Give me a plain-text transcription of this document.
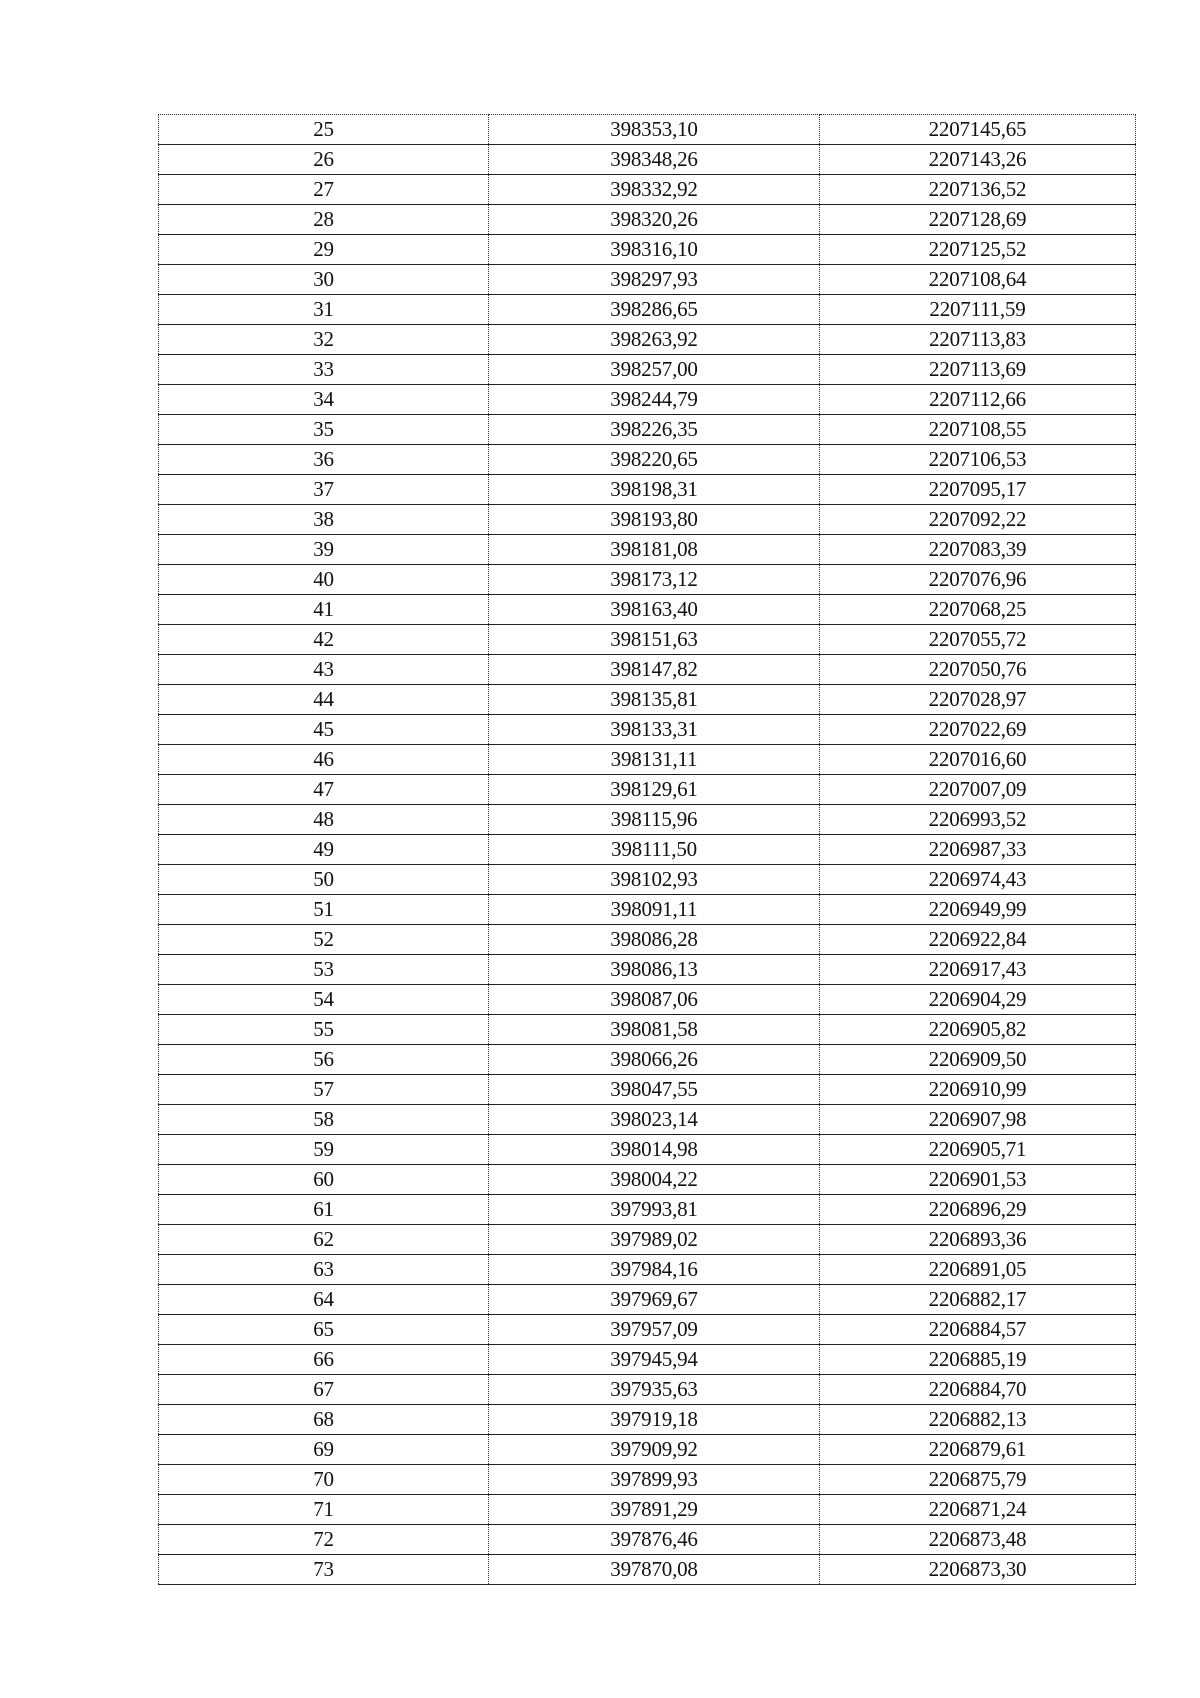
25	398353,10	2207145,65
26	398348,26	2207143,26
27	398332,92	2207136,52
28	398320,26	2207128,69
29	398316,10	2207125,52
30	398297,93	2207108,64
31	398286,65	2207111,59
32	398263,92	2207113,83
33	398257,00	2207113,69
34	398244,79	2207112,66
35	398226,35	2207108,55
36	398220,65	2207106,53
37	398198,31	2207095,17
38	398193,80	2207092,22
39	398181,08	2207083,39
40	398173,12	2207076,96
41	398163,40	2207068,25
42	398151,63	2207055,72
43	398147,82	2207050,76
44	398135,81	2207028,97
45	398133,31	2207022,69
46	398131,11	2207016,60
47	398129,61	2207007,09
48	398115,96	2206993,52
49	398111,50	2206987,33
50	398102,93	2206974,43
51	398091,11	2206949,99
52	398086,28	2206922,84
53	398086,13	2206917,43
54	398087,06	2206904,29
55	398081,58	2206905,82
56	398066,26	2206909,50
57	398047,55	2206910,99
58	398023,14	2206907,98
59	398014,98	2206905,71
60	398004,22	2206901,53
61	397993,81	2206896,29
62	397989,02	2206893,36
63	397984,16	2206891,05
64	397969,67	2206882,17
65	397957,09	2206884,57
66	397945,94	2206885,19
67	397935,63	2206884,70
68	397919,18	2206882,13
69	397909,92	2206879,61
70	397899,93	2206875,79
71	397891,29	2206871,24
72	397876,46	2206873,48
73	397870,08	2206873,30
